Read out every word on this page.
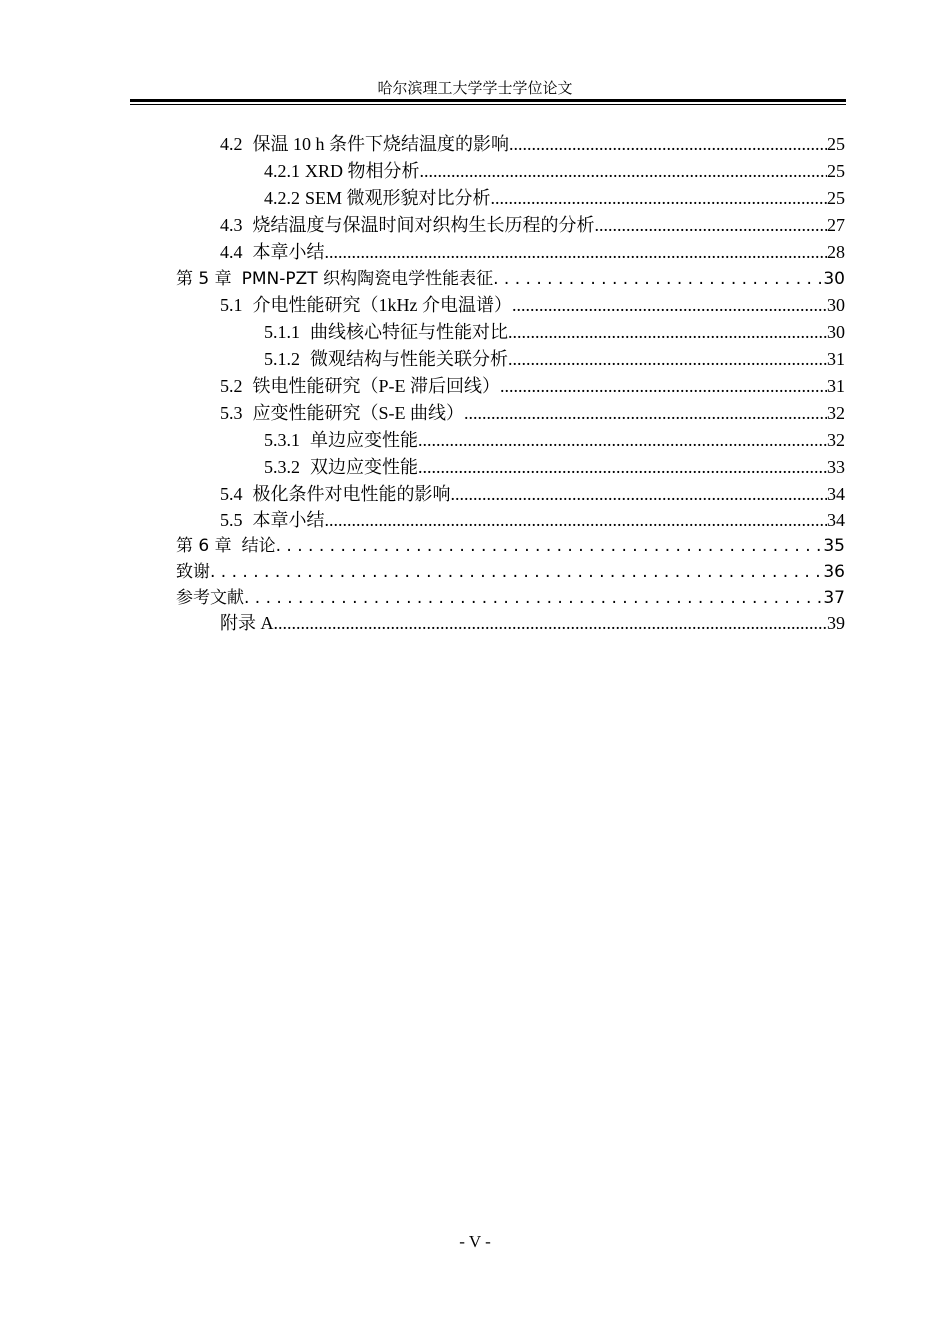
哈尔滨理工大学学士学位论文
4.2 保温 10 h 条件下烧结温度的影响 .....	25
4.2.1 XRD 物相分析 .....	25
4.2.2 SEM 微观形貌对比分析 .....	25
4.3 烧结温度与保温时间对织构生长历程的分析 .....	27
4.4 本章小结 .....	28
第 5 章 PMN-PZT 织构陶瓷电学性能表征 . . .	30
5.1 介电性能研究（1kHz 介电温谱） .....	30
5.1.1 曲线核心特征与性能对比 .....	30
5.1.2 微观结构与性能关联分析 .....	31
5.2 铁电性能研究（P-E 滞后回线） .....	31
5.3 应变性能研究（S-E 曲线） .....	32
5.3.1 单边应变性能 .....	32
5.3.2 双边应变性能 .....	33
5.4 极化条件对电性能的影响 .....	34
5.5 本章小结 .....	34
第 6 章 结论 . . .	35
致谢 . . .	36
参考文献 . . .	37
附录 A .....	39
- V -
